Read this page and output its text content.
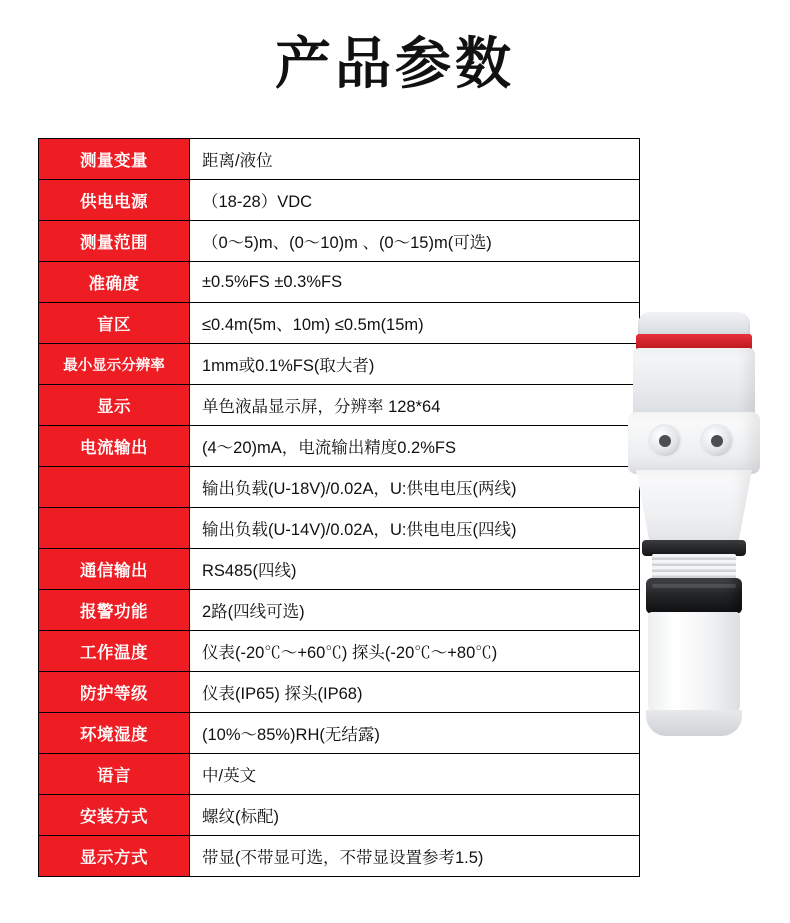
产品参数
测量变量	距离/液位
供电电源	（18-28）VDC
测量范围	（0～5)m、(0～10)m 、(0～15)m(可选)
准确度	±0.5%FS ±0.3%FS
盲区	≤0.4m(5m、10m) ≤0.5m(15m)
最小显示分辨率	1mm或0.1%FS(取大者)
显示	单色液晶显示屏，分辨率 128*64
电流输出	(4～20)mA，电流输出精度0.2%FS
	输出负载(U-18V)/0.02A，U:供电电压(两线)
	输出负载(U-14V)/0.02A，U:供电电压(四线)
通信输出	RS485(四线)
报警功能	2路(四线可选)
工作温度	仪表(-20℃～+60℃) 探头(-20℃～+80℃)
防护等级	仪表(IP65) 探头(IP68)
环境湿度	(10%～85%)RH(无结露)
语言	中/英文
安装方式	螺纹(标配)
显示方式	带显(不带显可选，不带显设置参考1.5)
